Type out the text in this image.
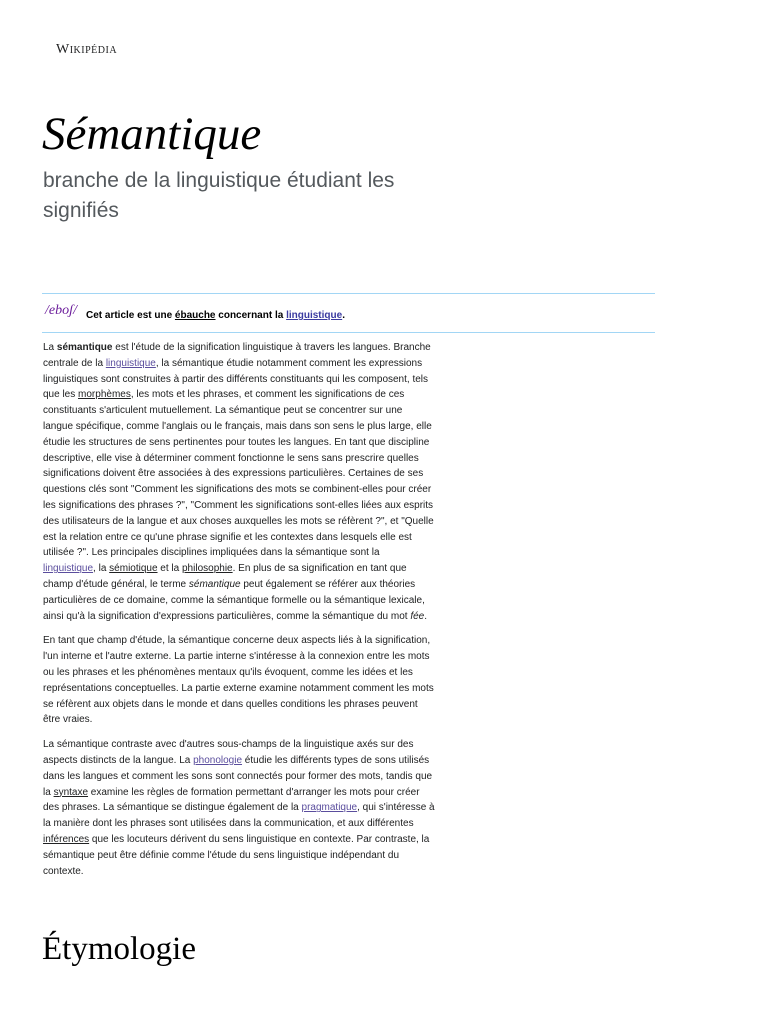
Wikipédia
Sémantique
branche de la linguistique étudiant les signifiés
/eboʃ/ Cet article est une ébauche concernant la linguistique.

La sémantique est l'étude de la signification linguistique à travers les langues. Branche centrale de la linguistique, la sémantique étudie notamment comment les expressions linguistiques sont construites à partir des différents constituants qui les composent, tels que les morphèmes, les mots et les phrases, et comment les significations de ces constituants s'articulent mutuellement. La sémantique peut se concentrer sur une langue spécifique, comme l'anglais ou le français, mais dans son sens le plus large, elle étudie les structures de sens pertinentes pour toutes les langues. En tant que discipline descriptive, elle vise à déterminer comment fonctionne le sens sans prescrire quelles significations doivent être associées à des expressions particulières. Certaines de ses questions clés sont "Comment les significations des mots se combinent-elles pour créer les significations des phrases ?", "Comment les significations sont-elles liées aux esprits des utilisateurs de la langue et aux choses auxquelles les mots se réfèrent ?", et "Quelle est la relation entre ce qu'une phrase signifie et les contextes dans lesquels elle est utilisée ?". Les principales disciplines impliquées dans la sémantique sont la linguistique, la sémiotique et la philosophie. En plus de sa signification en tant que champ d'étude général, le terme sémantique peut également se référer aux théories particulières de ce domaine, comme la sémantique formelle ou la sémantique lexicale, ainsi qu'à la signification d'expressions particulières, comme la sémantique du mot fée.

En tant que champ d'étude, la sémantique concerne deux aspects liés à la signification, l'un interne et l'autre externe. La partie interne s'intéresse à la connexion entre les mots ou les phrases et les phénomènes mentaux qu'ils évoquent, comme les idées et les représentations conceptuelles. La partie externe examine notamment comment les mots se réfèrent aux objets dans le monde et dans quelles conditions les phrases peuvent être vraies.

La sémantique contraste avec d'autres sous-champs de la linguistique axés sur des aspects distincts de la langue. La phonologie étudie les différents types de sons utilisés dans les langues et comment les sons sont connectés pour former des mots, tandis que la syntaxe examine les règles de formation permettant d'arranger les mots pour créer des phrases. La sémantique se distingue également de la pragmatique, qui s'intéresse à la manière dont les phrases sont utilisées dans la communication, et aux différentes inférences que les locuteurs dérivent du sens linguistique en contexte. Par contraste, la sémantique peut être définie comme l'étude du sens linguistique indépendant du contexte.

Étymologie
